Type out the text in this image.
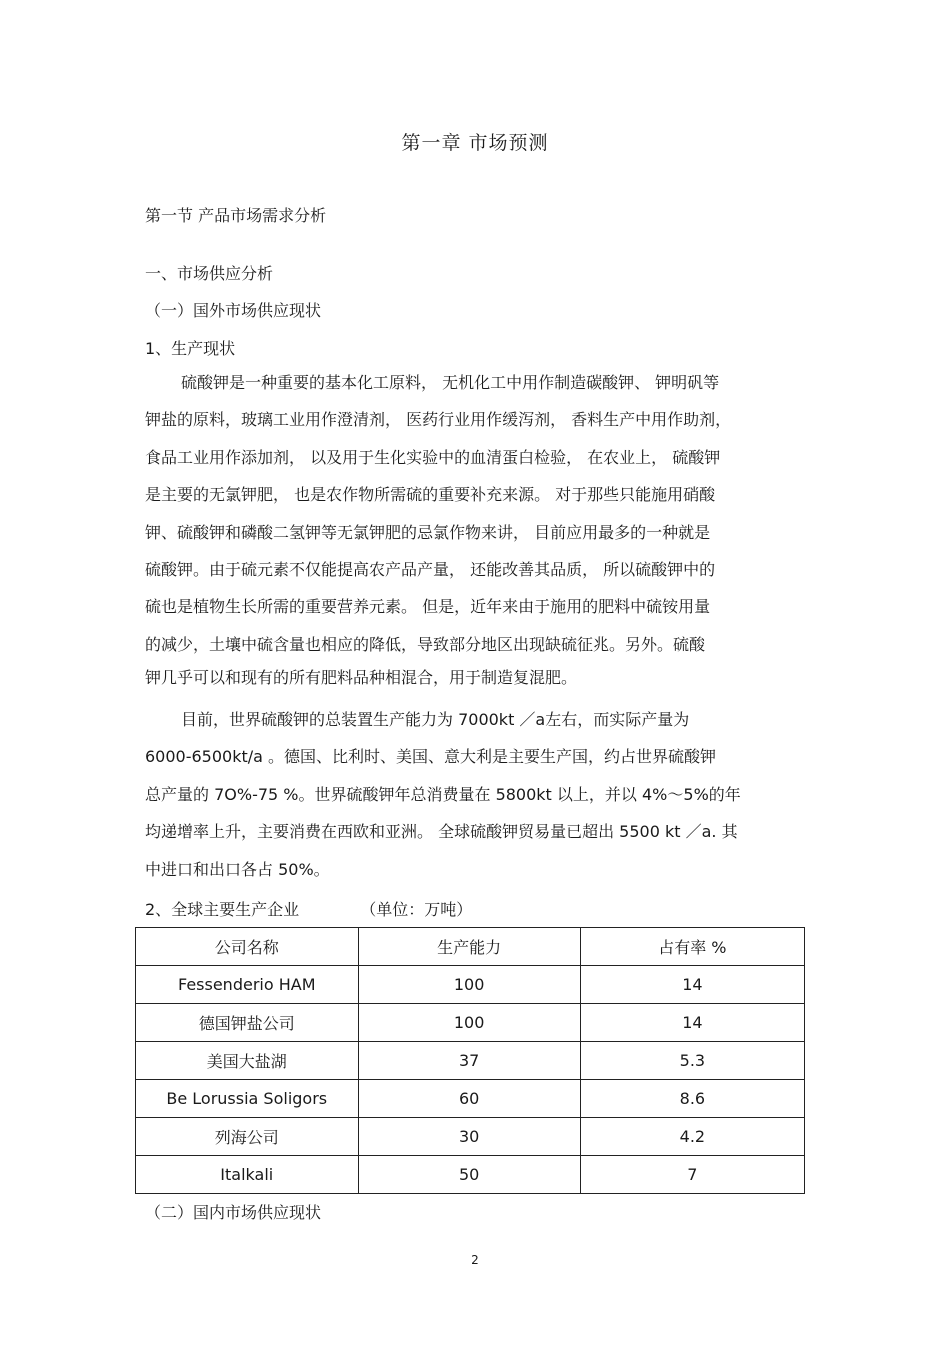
第一章 市场预测
第一节 产品市场需求分析
一、市场供应分析
（一）国外市场供应现状
1、生产现状
硫酸钾是一种重要的基本化工原料， 无机化工中用作制造碳酸钾、 钾明矾等
钾盐的原料，玻璃工业用作澄清剂， 医药行业用作缓泻剂， 香料生产中用作助剂，
食品工业用作添加剂， 以及用于生化实验中的血清蛋白检验， 在农业上， 硫酸钾
是主要的无氯钾肥， 也是农作物所需硫的重要补充来源。 对于那些只能施用硝酸
钾、硫酸钾和磷酸二氢钾等无氯钾肥的忌氯作物来讲， 目前应用最多的一种就是
硫酸钾。由于硫元素不仅能提高农产品产量， 还能改善其品质， 所以硫酸钾中的
硫也是植物生长所需的重要营养元素。 但是，近年来由于施用的肥料中硫铵用量
的减少，土壤中硫含量也相应的降低，导致部分地区出现缺硫征兆。另外。硫酸
钾几乎可以和现有的所有肥料品种相混合，用于制造复混肥。
目前，世界硫酸钾的总装置生产能力为 7000kt ／a左右，而实际产量为
6000-6500kt/a 。德国、比利时、美国、意大利是主要生产国，约占世界硫酸钾
总产量的 7O%-75 %。世界硫酸钾年总消费量在 5800kt 以上，并以 4%～5%的年
均递增率上升，主要消费在西欧和亚洲。 全球硫酸钾贸易量已超出 5500 kt ／a. 其
中进口和出口各占 50%。
2、全球主要生产企业            （单位：万吨）
公司名称	生产能力	占有率 %
Fessenderio HAM	100	14
德国钾盐公司	100	14
美国大盐湖	37	5.3
Be Lorussia Soligors	60	8.6
列海公司	30	4.2
Italkali	50	7
（二）国内市场供应现状
2
